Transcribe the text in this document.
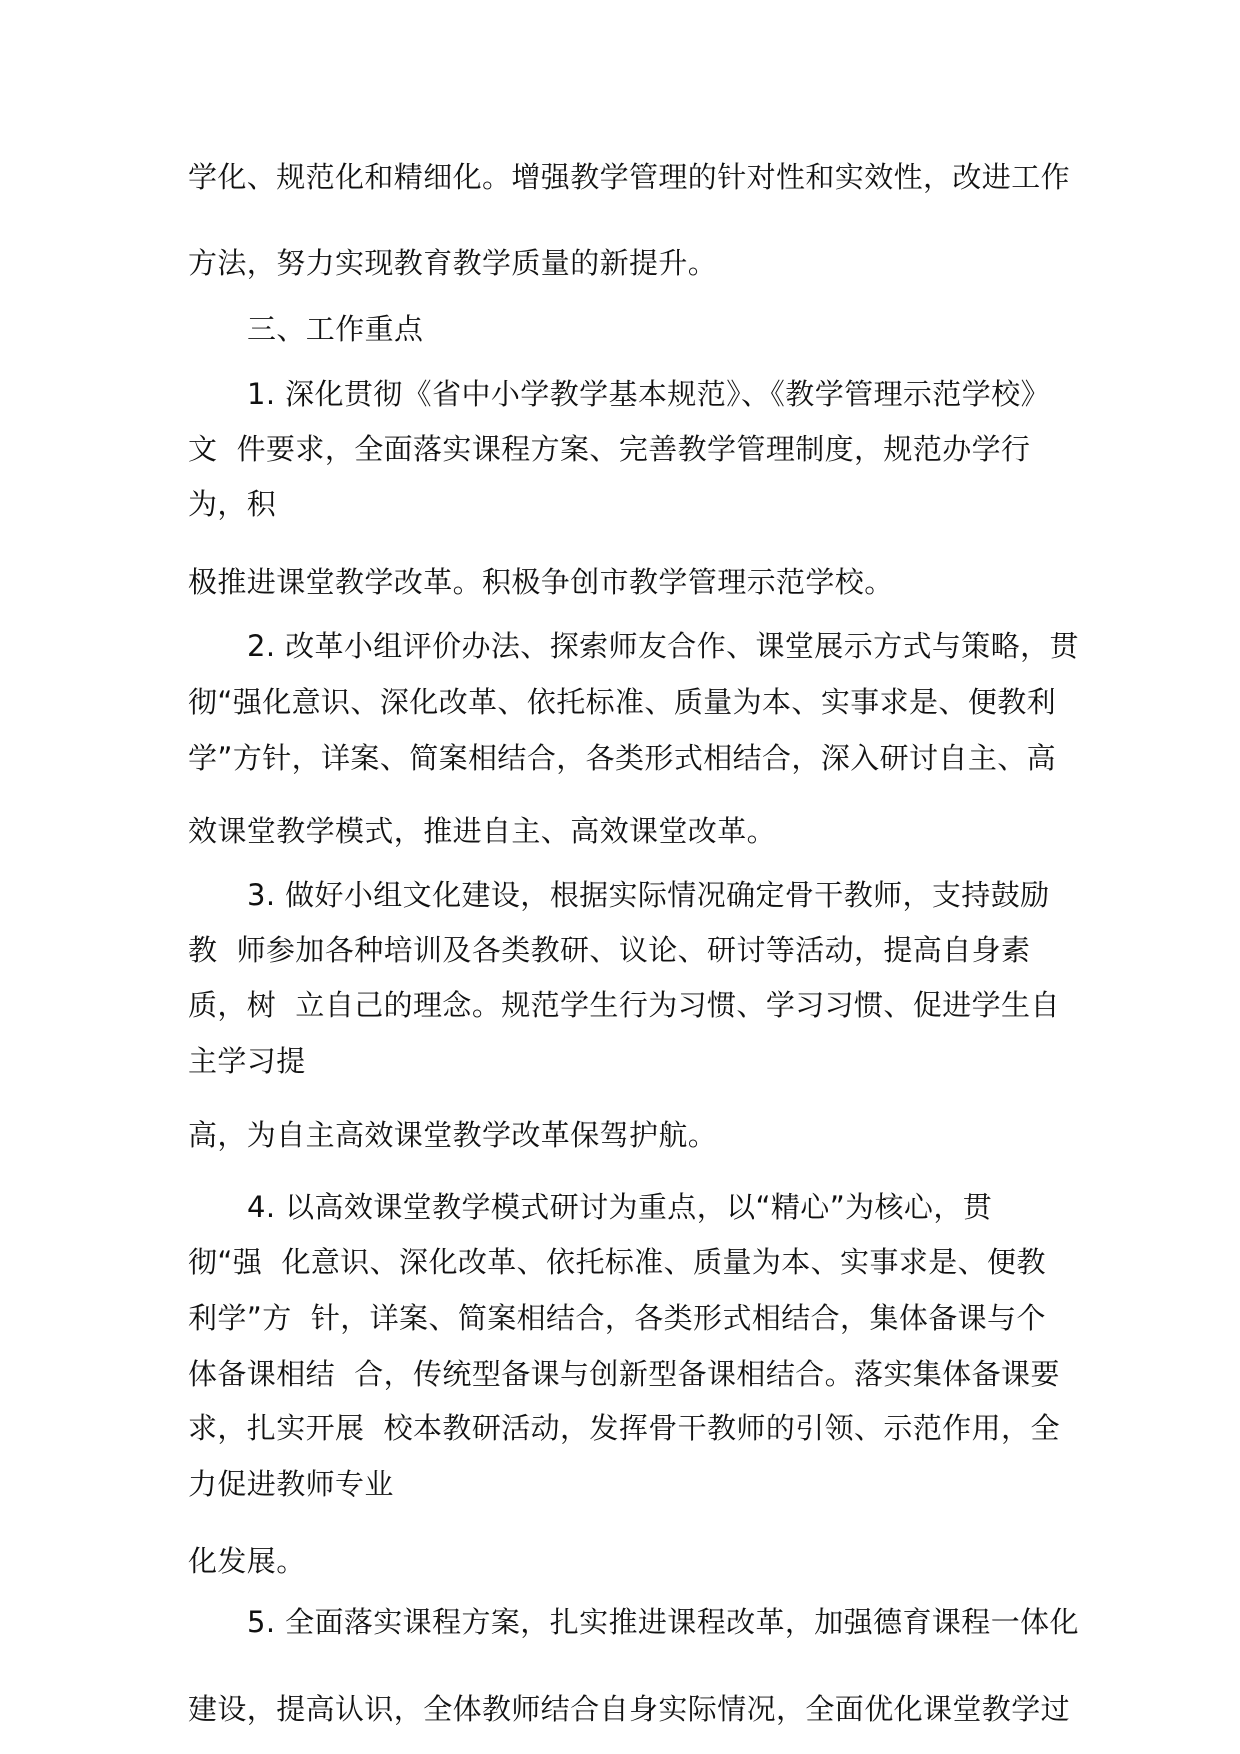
学化、规范化和精细化。增强教学管理的针对性和实效性，改进工作
方法，努力实现教育教学质量的新提升。
三、工作重点
1. 深化贯彻《省中小学教学基本规范》、《教学管理示范学校》
文  件要求，全面落实课程方案、完善教学管理制度，规范办学行
为，积
极推进课堂教学改革。积极争创市教学管理示范学校。
2. 改革小组评价办法、探索师友合作、课堂展示方式与策略，贯
彻“强化意识、深化改革、依托标准、质量为本、实事求是、便教利
学”方针，详案、简案相结合，各类形式相结合，深入研讨自主、高
效课堂教学模式，推进自主、高效课堂改革。
3. 做好小组文化建设，根据实际情况确定骨干教师，支持鼓励
教  师参加各种培训及各类教研、议论、研讨等活动，提高自身素
质，树  立自己的理念。规范学生行为习惯、学习习惯、促进学生自
主学习提
高，为自主高效课堂教学改革保驾护航。
4. 以高效课堂教学模式研讨为重点，以“精心”为核心，贯
彻“强  化意识、深化改革、依托标准、质量为本、实事求是、便教
利学”方  针，详案、简案相结合，各类形式相结合，集体备课与个
体备课相结  合，传统型备课与创新型备课相结合。落实集体备课要
求，扎实开展  校本教研活动，发挥骨干教师的引领、示范作用，全
力促进教师专业
化发展。
5. 全面落实课程方案，扎实推进课程改革，加强德育课程一体化
建设，提高认识，全体教师结合自身实际情况，全面优化课堂教学过
